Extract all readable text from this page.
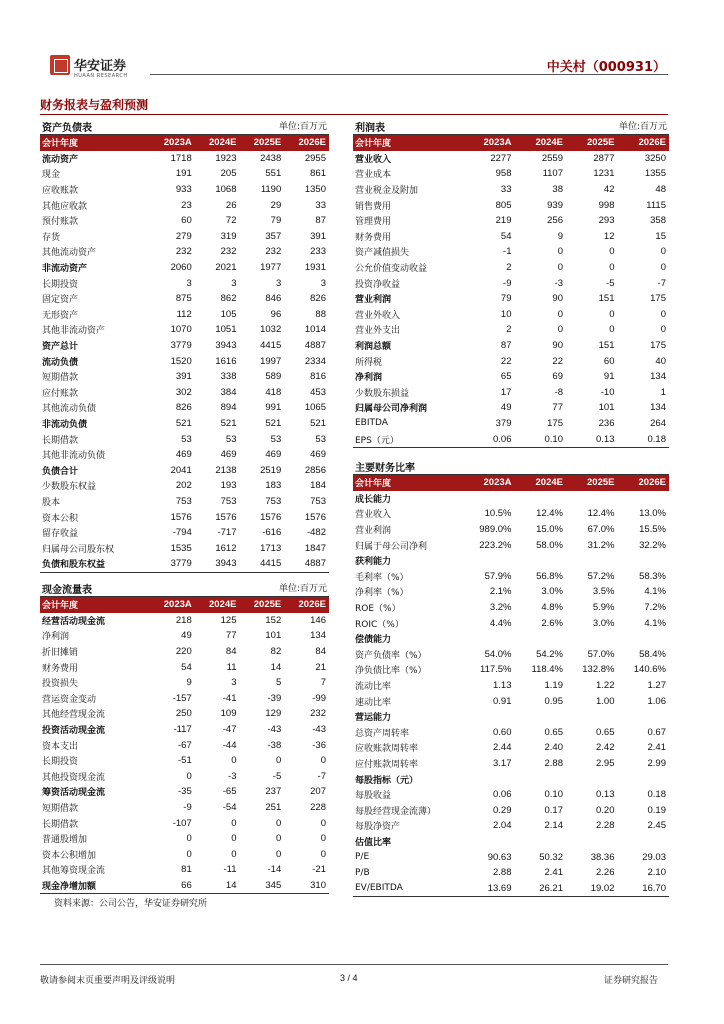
华安证券
HUAAN RESEARCH
中关村（000931）
财务报表与盈利预测
资产负债表	单位:百万元
会计年度	2023A	2024E	2025E	2026E
流动资产	1718	1923	2438	2955
现金	191	205	551	861
应收账款	933	1068	1190	1350
其他应收款	23	26	29	33
预付账款	60	72	79	87
存货	279	319	357	391
其他流动资产	232	232	232	233
非流动资产	2060	2021	1977	1931
长期投资	3	3	3	3
固定资产	875	862	846	826
无形资产	112	105	96	88
其他非流动资产	1070	1051	1032	1014
资产总计	3779	3943	4415	4887
流动负债	1520	1616	1997	2334
短期借款	391	338	589	816
应付账款	302	384	418	453
其他流动负债	826	894	991	1065
非流动负债	521	521	521	521
长期借款	53	53	53	53
其他非流动负债	469	469	469	469
负债合计	2041	2138	2519	2856
少数股东权益	202	193	183	184
股本	753	753	753	753
资本公积	1576	1576	1576	1576
留存收益	-794	-717	-616	-482
归属母公司股东权	1535	1612	1713	1847
负债和股东权益	3779	3943	4415	4887
利润表	单位:百万元
会计年度	2023A	2024E	2025E	2026E
营业收入	2277	2559	2877	3250
营业成本	958	1107	1231	1355
营业税金及附加	33	38	42	48
销售费用	805	939	998	1115
管理费用	219	256	293	358
财务费用	54	9	12	15
资产减值损失	-1	0	0	0
公允价值变动收益	2	0	0	0
投资净收益	-9	-3	-5	-7
营业利润	79	90	151	175
营业外收入	10	0	0	0
营业外支出	2	0	0	0
利润总额	87	90	151	175
所得税	22	22	60	40
净利润	65	69	91	134
少数股东损益	17	-8	-10	1
归属母公司净利润	49	77	101	134
EBITDA	379	175	236	264
EPS（元）	0.06	0.10	0.13	0.18
主要财务比率
会计年度	2023A	2024E	2025E	2026E
成长能力
营业收入	10.5%	12.4%	12.4%	13.0%
营业利润	989.0%	15.0%	67.0%	15.5%
归属于母公司净利	223.2%	58.0%	31.2%	32.2%
获利能力
毛利率（%）	57.9%	56.8%	57.2%	58.3%
净利率（%）	2.1%	3.0%	3.5%	4.1%
ROE（%）	3.2%	4.8%	5.9%	7.2%
ROIC（%）	4.4%	2.6%	3.0%	4.1%
偿债能力
资产负债率（%）	54.0%	54.2%	57.0%	58.4%
净负债比率（%）	117.5%	118.4%	132.8%	140.6%
流动比率	1.13	1.19	1.22	1.27
速动比率	0.91	0.95	1.00	1.06
营运能力
总资产周转率	0.60	0.65	0.65	0.67
应收账款周转率	2.44	2.40	2.42	2.41
应付账款周转率	3.17	2.88	2.95	2.99
每股指标（元）
每股收益	0.06	0.10	0.13	0.18
每股经营现金流薄）	0.29	0.17	0.20	0.19
每股净资产	2.04	2.14	2.28	2.45
估值比率
P/E	90.63	50.32	38.36	29.03
P/B	2.88	2.41	2.26	2.10
EV/EBITDA	13.69	26.21	19.02	16.70
现金流量表	单位:百万元
会计年度	2023A	2024E	2025E	2026E
经营活动现金流	218	125	152	146
净利润	49	77	101	134
折旧摊销	220	84	82	84
财务费用	54	11	14	21
投资损失	9	3	5	7
营运资金变动	-157	-41	-39	-99
其他经营现金流	250	109	129	232
投资活动现金流	-117	-47	-43	-43
资本支出	-67	-44	-38	-36
长期投资	-51	0	0	0
其他投资现金流	0	-3	-5	-7
筹资活动现金流	-35	-65	237	207
短期借款	-9	-54	251	228
长期借款	-107	0	0	0
普通股增加	0	0	0	0
资本公积增加	0	0	0	0
其他筹资现金流	81	-11	-14	-21
现金净增加额	66	14	345	310
资料来源：公司公告，华安证券研究所
敬请参阅末页重要声明及评级说明	3 / 4	证券研究报告
